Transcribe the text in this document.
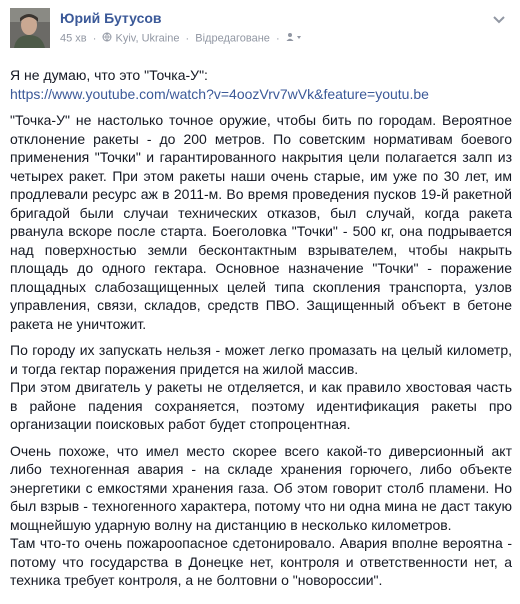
Юрий Бутусов
45 хв · Kyiv, Ukraine · Відредаговане ·

Я не думаю, что это "Точка-У":

https://www.youtube.com/watch?v=4oozVrv7wVk&feature=youtu.be

"Точка-У" не настолько точное оружие, чтобы бить по городам. Вероятное отклонение ракеты - до 200 метров. По советским нормативам боевого применения "Точки" и гарантированного накрытия цели полагается залп из четырех ракет. При этом ракеты наши очень старые, им уже по 30 лет, им продлевали ресурс аж в 2011-м. Во время проведения пусков 19-й ракетной бригадой были случаи технических отказов, был случай, когда ракета рванула вскоре после старта. Боеголовка "Точки" - 500 кг, она подрывается над поверхностью земли бесконтактным взрывателем, чтобы накрыть площадь до одного гектара. Основное назначение "Точки" - поражение площадных слабозащищенных целей типа скопления транспорта, узлов управления, связи, складов, средств ПВО. Защищенный объект в бетоне ракета не уничтожит.

По городу их запускать нельзя - может легко промазать на целый километр, и тогда гектар поражения придется на жилой массив.

При этом двигатель у ракеты не отделяется, и как правило хвостовая часть в районе падения сохраняется, поэтому идентификация ракеты про организации поисковых работ будет стопроцентная.

Очень похоже, что имел место скорее всего какой-то диверсионный акт либо техногенная авария - на складе хранения горючего, либо объекте энергетики с емкостями хранения газа. Об этом говорит столб пламени. Но был взрыв - техногенного характера, потому что ни одна мина не даст такую мощнейшую ударную волну на дистанцию в несколько километров.

Там что-то очень пожароопасное сдетонировало. Авария вполне вероятна - потому что государства в Донецке нет, контроля и ответственности нет, а техника требует контроля, а не болтовни о "новороссии".
